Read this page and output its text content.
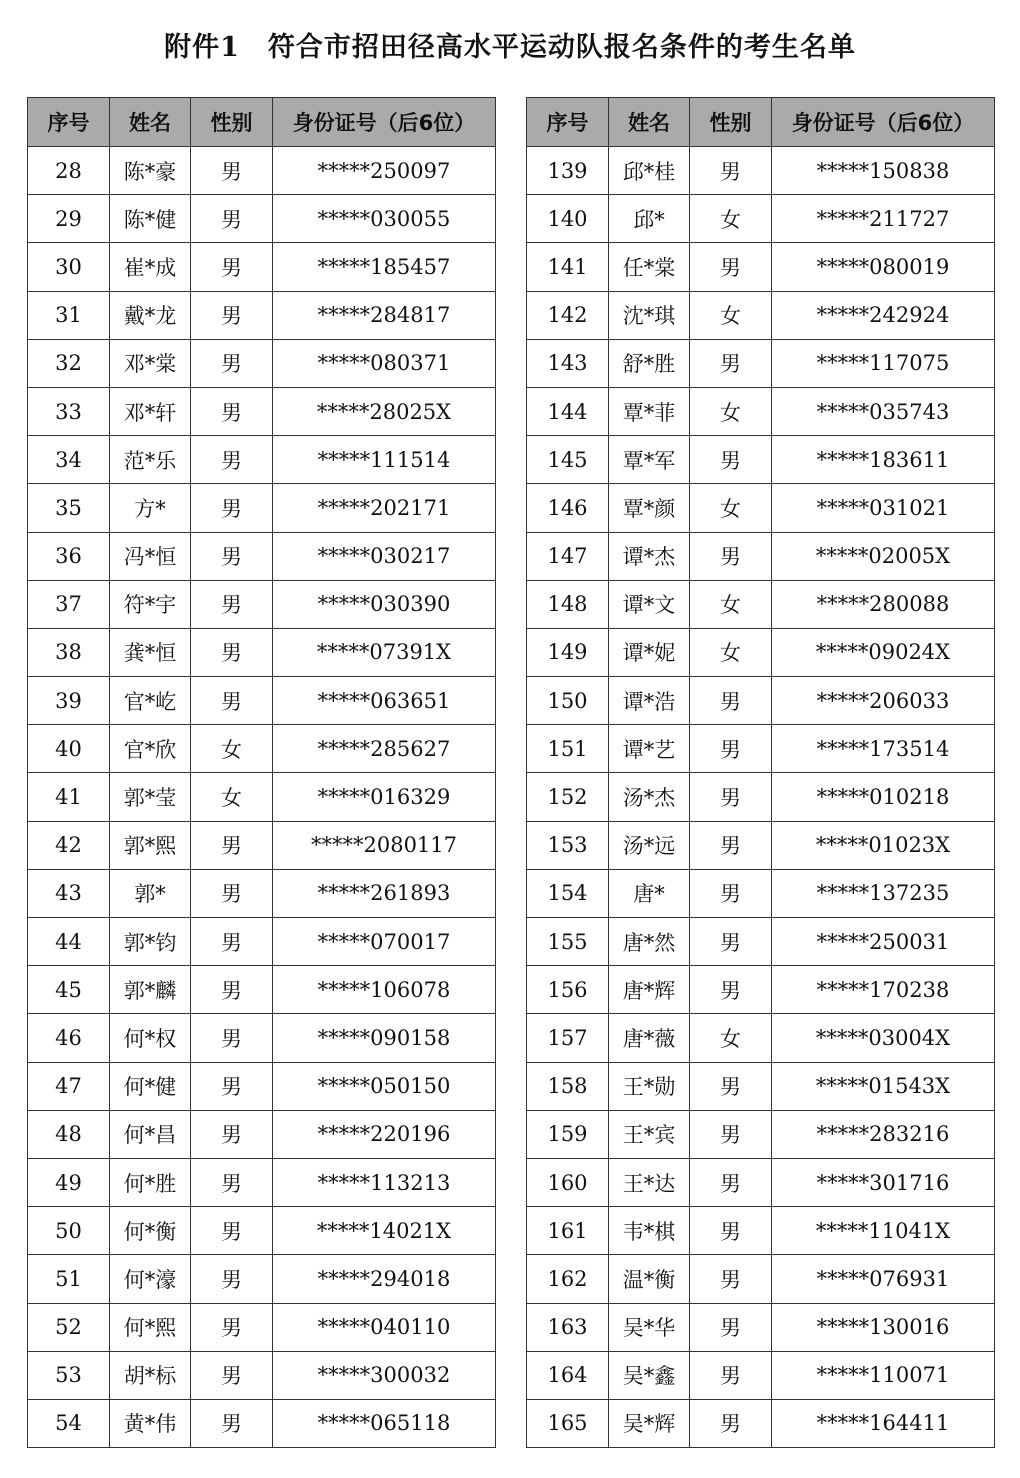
附件1　符合市招田径高水平运动队报名条件的考生名单
序号	姓名	性别	身份证号（后6位）
28	陈*豪	男	*****250097
29	陈*健	男	*****030055
30	崔*成	男	*****185457
31	戴*龙	男	*****284817
32	邓*棠	男	*****080371
33	邓*轩	男	*****28025X
34	范*乐	男	*****111514
35	方*	男	*****202171
36	冯*恒	男	*****030217
37	符*宇	男	*****030390
38	龚*恒	男	*****07391X
39	官*屹	男	*****063651
40	官*欣	女	*****285627
41	郭*莹	女	*****016329
42	郭*熙	男	*****2080117
43	郭*	男	*****261893
44	郭*钧	男	*****070017
45	郭*麟	男	*****106078
46	何*权	男	*****090158
47	何*健	男	*****050150
48	何*昌	男	*****220196
49	何*胜	男	*****113213
50	何*衡	男	*****14021X
51	何*濠	男	*****294018
52	何*熙	男	*****040110
53	胡*标	男	*****300032
54	黄*伟	男	*****065118
序号	姓名	性别	身份证号（后6位）
139	邱*桂	男	*****150838
140	邱*	女	*****211727
141	任*棠	男	*****080019
142	沈*琪	女	*****242924
143	舒*胜	男	*****117075
144	覃*菲	女	*****035743
145	覃*军	男	*****183611
146	覃*颜	女	*****031021
147	谭*杰	男	*****02005X
148	谭*文	女	*****280088
149	谭*妮	女	*****09024X
150	谭*浩	男	*****206033
151	谭*艺	男	*****173514
152	汤*杰	男	*****010218
153	汤*远	男	*****01023X
154	唐*	男	*****137235
155	唐*然	男	*****250031
156	唐*辉	男	*****170238
157	唐*薇	女	*****03004X
158	王*勋	男	*****01543X
159	王*宾	男	*****283216
160	王*达	男	*****301716
161	韦*棋	男	*****11041X
162	温*衡	男	*****076931
163	吴*华	男	*****130016
164	吴*鑫	男	*****110071
165	吴*辉	男	*****164411
